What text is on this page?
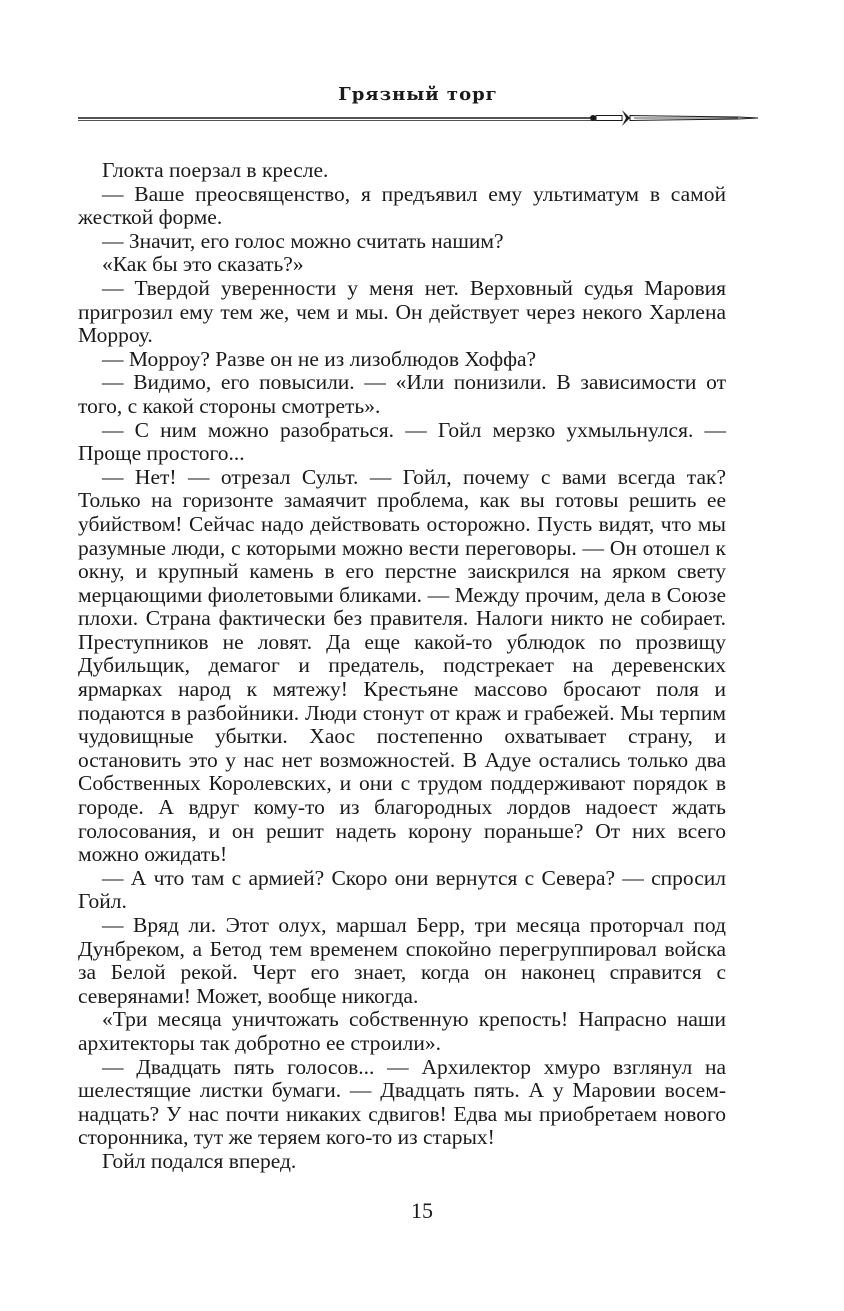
Грязный торг

Глокта поерзал в кресле.

— Ваше преосвященство, я предъявил ему ультиматум в самой жесткой форме.

— Значит, его голос можно считать нашим?

«Как бы это сказать?»

— Твердой уверенности у меня нет. Верховный судья Маровия пригрозил ему тем же, чем и мы. Он действует через некого Харлена Морроу.

— Морроу? Разве он не из лизоблюдов Хоффа?

— Видимо, его повысили. — «Или понизили. В зависимости от того, с какой стороны смотреть».

— С ним можно разобраться. — Гойл мерзко ухмыльнулся. — Проще простого...

— Нет! — отрезал Сульт. — Гойл, почему с вами всегда так? Только на горизонте замаячит проблема, как вы готовы решить ее убийством! Сейчас надо действовать осторожно. Пусть видят, что мы разумные люди, с которыми можно вести переговоры. — Он отошел к окну, и крупный камень в его перстне заискрился на ярком свету мерцающими фиолетовыми бликами. — Между прочим, дела в Союзе плохи. Страна фактически без правителя. Налоги никто не собирает. Преступников не ловят. Да еще какой-то ублюдок по прозвищу Дубильщик, демагог и предатель, подстрекает на деревенских ярмарках народ к мятежу! Крестьяне массово бросают поля и подаются в разбойники. Люди стонут от краж и грабежей. Мы терпим чудовищные убытки. Хаос постепенно охватывает страну, и остановить это у нас нет возможностей. В Адуе остались только два Собственных Королевских, и они с трудом поддерживают порядок в городе. А вдруг кому-то из благородных лордов надоест ждать голосования, и он решит надеть корону пораньше? От них всего можно ожидать!

— А что там с армией? Скоро они вернутся с Севера? — спросил Гойл.

— Вряд ли. Этот олух, маршал Берр, три месяца проторчал под Дунбреком, а Бетод тем временем спокойно перегруппировал войска за Белой рекой. Черт его знает, когда он наконец справится с северянами! Может, вообще никогда.

«Три месяца уничтожать собственную крепость! Напрасно наши архитекторы так добротно ее строили».

— Двадцать пять голосов... — Архилектор хмуро взглянул на шелестящие листки бумаги. — Двадцать пять. А у Маровии восемнадцать? У нас почти никаких сдвигов! Едва мы приобретаем нового сторонника, тут же теряем кого-то из старых!

Гойл подался вперед.

15
